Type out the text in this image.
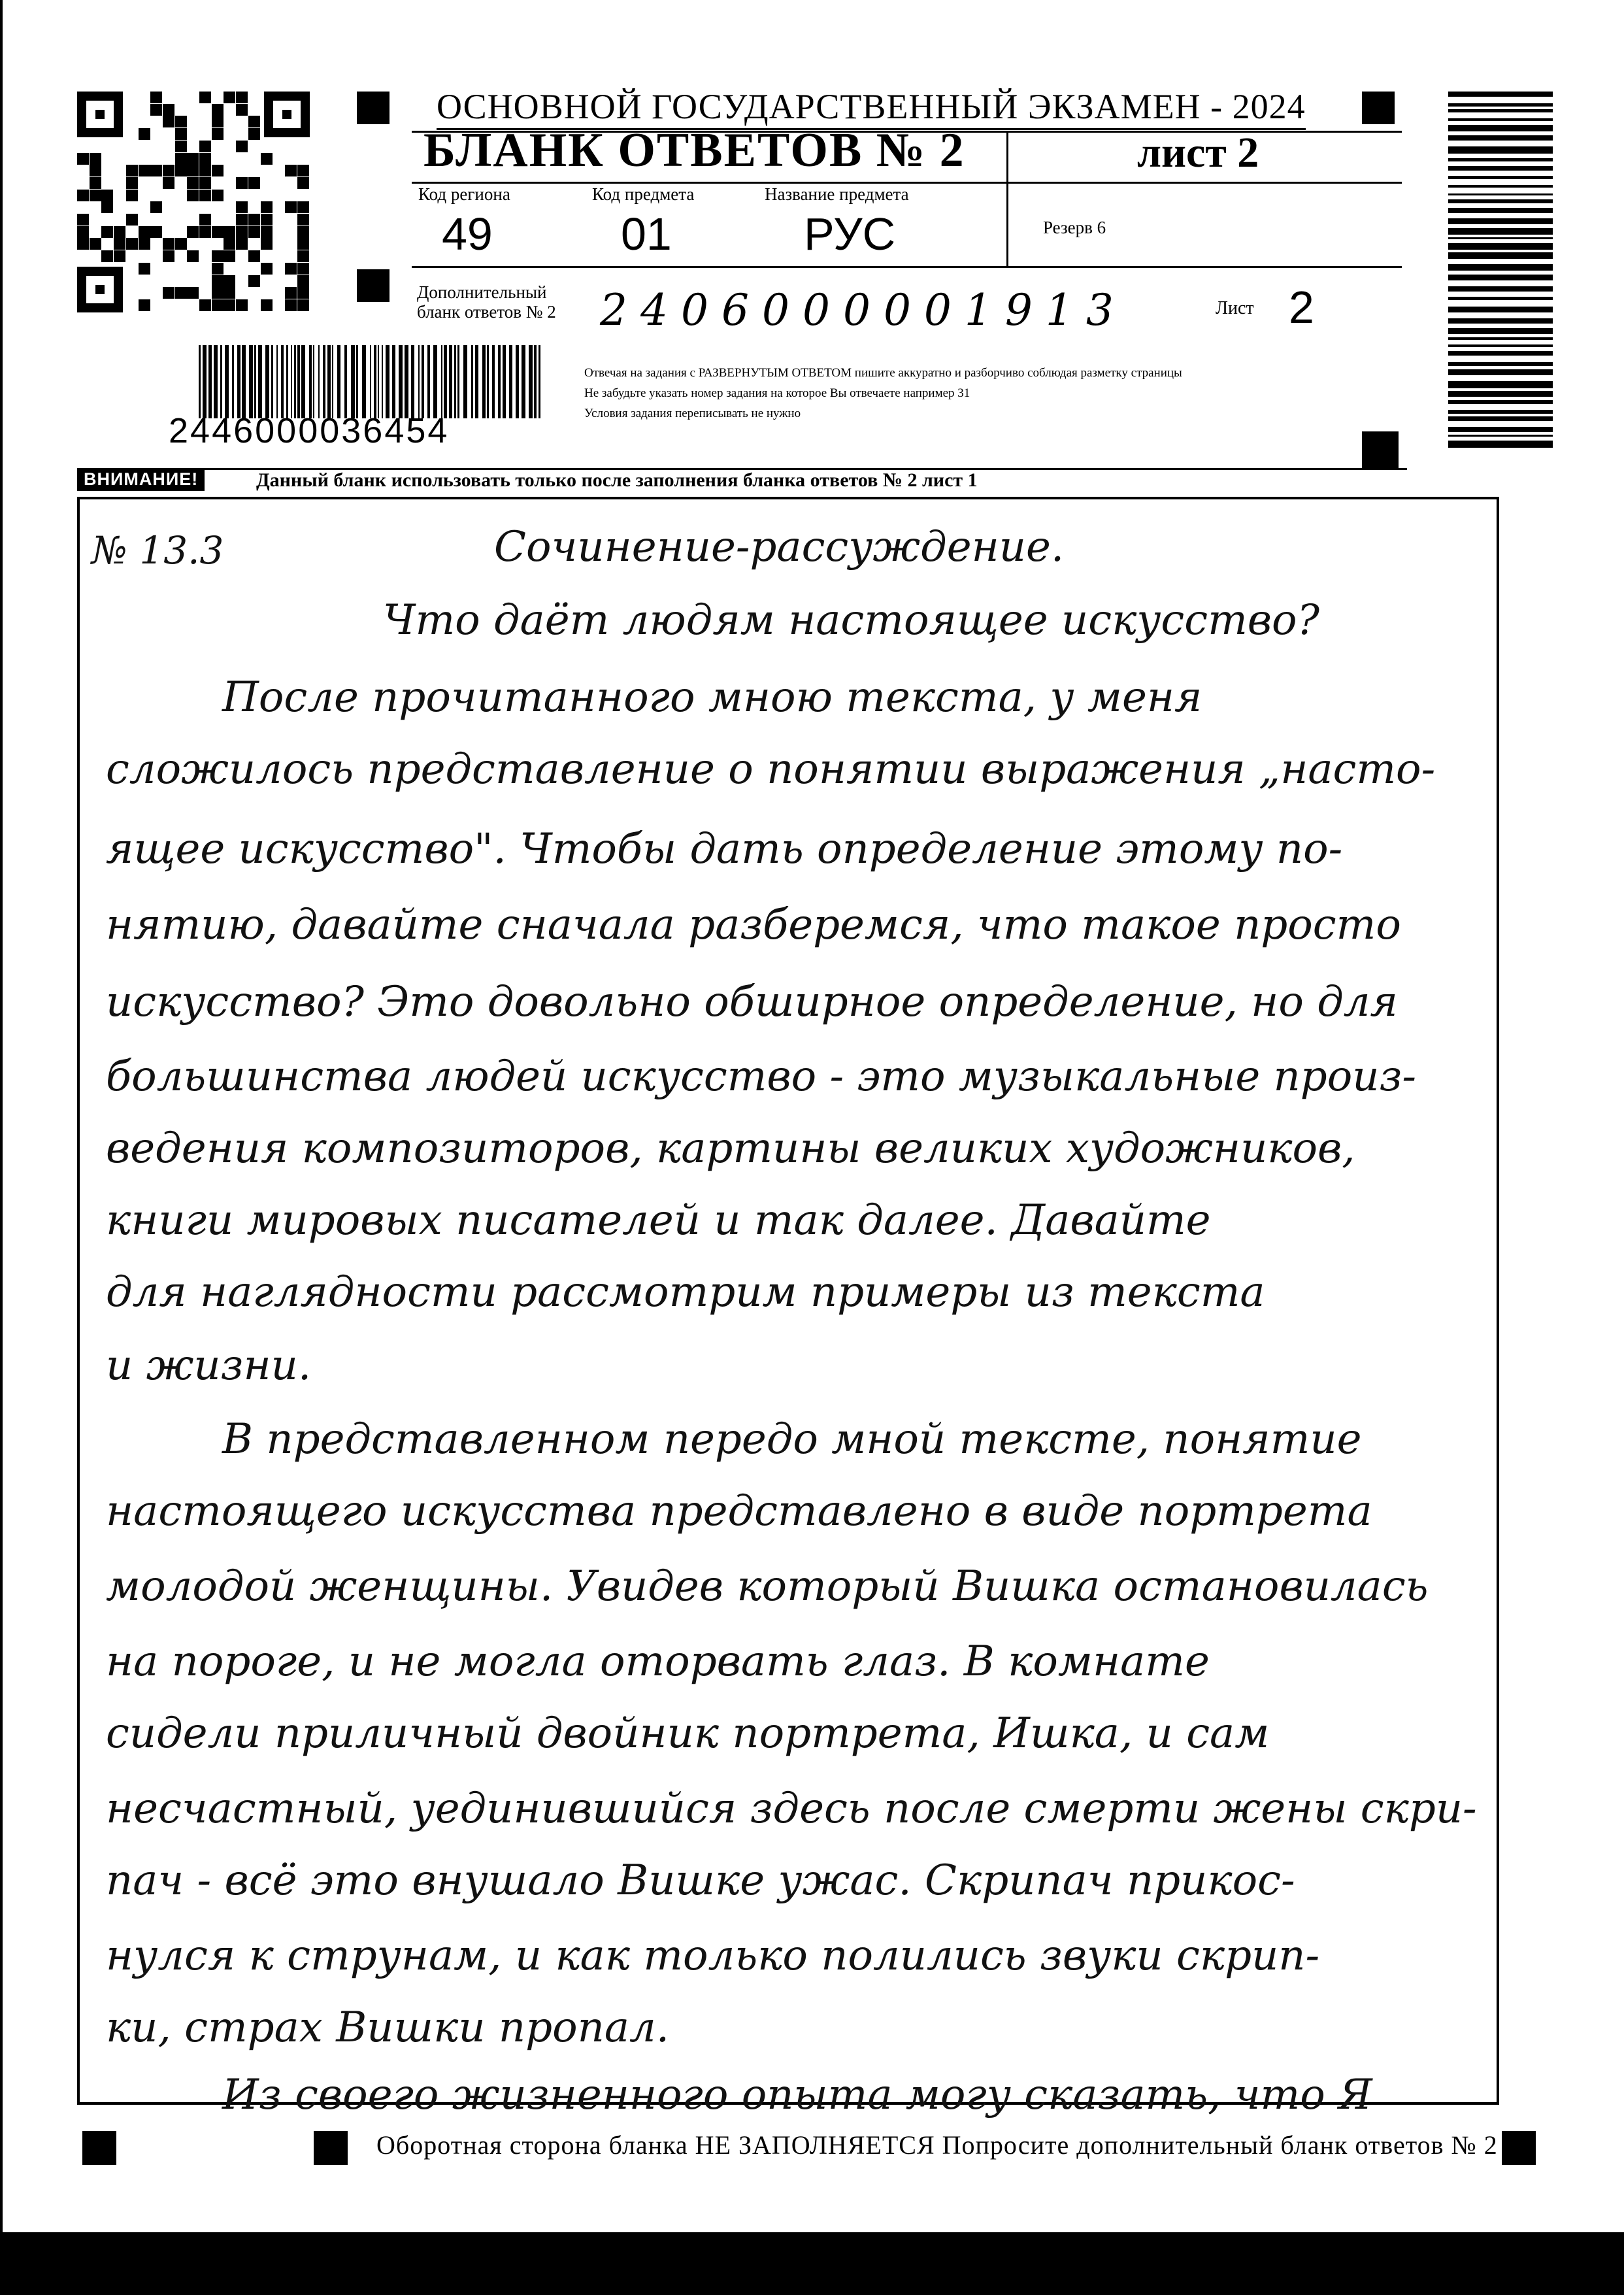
ОСНОВНОЙ ГОСУДАРСТВЕННЫЙ ЭКЗАМЕН - 2024
БЛАНК ОТВЕТОВ № 2	лист 2
Код региона
49
Код предмета
01
Название предмета
РУС	Резерв 6
Дополнительный
бланк ответов № 2 2406000001913	Лист 2
Отвечая на задания с РАЗВЕРНУТЫМ ОТВЕТОМ пишите аккуратно и разборчиво соблюдая разметку страницы
Не забудьте указать номер задания на которое Вы отвечаете например 31
Условия задания переписывать не нужно
2446000036454
ВНИМАНИЕ!	Данный бланк использовать только после заполнения бланка ответов № 2 лист 1
№ 13.3	Сочинение-рассуждение.
Что даёт людям настоящее искусство?
После прочитанного мною текста, у меня
сложилось представление о понятии выражения „насто-
ящее искусство". Чтобы дать определение этому по-
нятию, давайте сначала разберемся, что такое просто
искусство? Это довольно обширное определение, но для
большинства людей искусство - это музыкальные произ-
ведения композиторов, картины великих художников,
книги мировых писателей и так далее. Давайте
для наглядности рассмотрим примеры из текста
и жизни.
В представленном передо мной тексте, понятие
настоящего искусства представлено в виде портрета
молодой женщины. Увидев который Вишка остановилась
на пороге, и не могла оторвать глаз. В комнате
сидели приличный двойник портрета, Ишка, и сам
несчастный, уединившийся здесь после смерти жены скри-
пач - всё это внушало Вишке ужас. Скрипач прикос-
нулся к струнам, и как только полились звуки скрип-
ки, страх Вишки пропал.
Из своего жизненного опыта могу сказать, что Я
Оборотная сторона бланка НЕ ЗАПОЛНЯЕТСЯ Попросите дополнительный бланк ответов № 2
